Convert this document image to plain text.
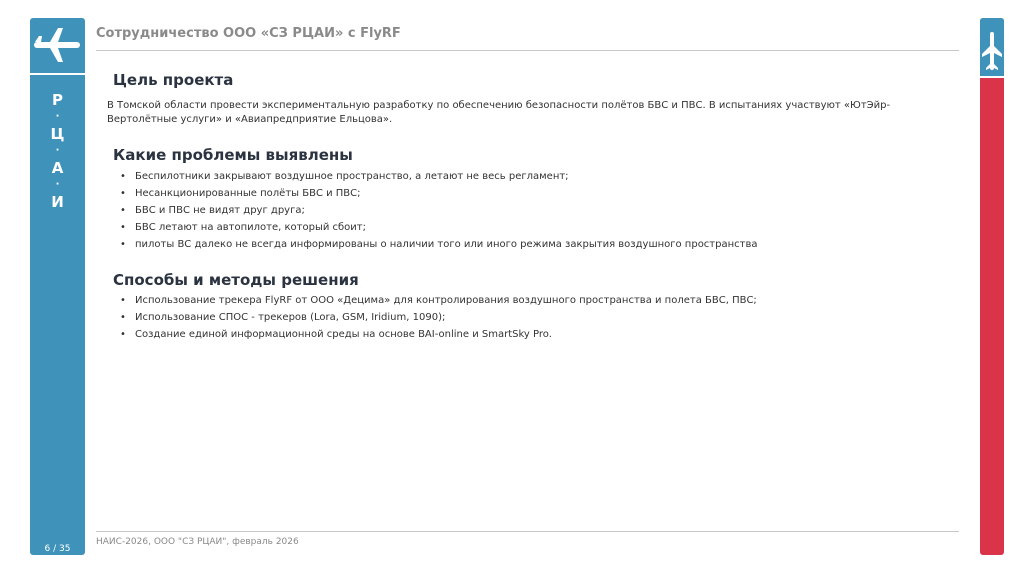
Р
·
Ц
·
А
·
И
6 / 35
Сотрудничество ООО «СЗ РЦАИ» с FlyRF
Цель проекта
В Томской области провести экспериментальную разработку по обеспечению безопасности полётов БВС и ПВС. В испытаниях участвуют «ЮтЭйр-Вертолётные услуги» и «Авиапредприятие Ельцова».
Какие проблемы выявлены
• Беспилотники закрывают воздушное пространство, а летают не весь регламент;
• Несанкционированные полёты БВС и ПВС;
• БВС и ПВС не видят друг друга;
• БВС летают на автопилоте, который сбоит;
• пилоты ВС далеко не всегда информированы о наличии того или иного режима закрытия воздушного пространства
Способы и методы решения
• Использование трекера FlyRF от ООО «Децима» для контролирования воздушного пространства и полета БВС, ПВС;
• Использование СПОС - трекеров (Lora, GSM, Iridium, 1090);
• Создание единой информационной среды на основе BAI-online и SmartSky Pro.
НАИС-2026, ООО "СЗ РЦАИ", февраль 2026
